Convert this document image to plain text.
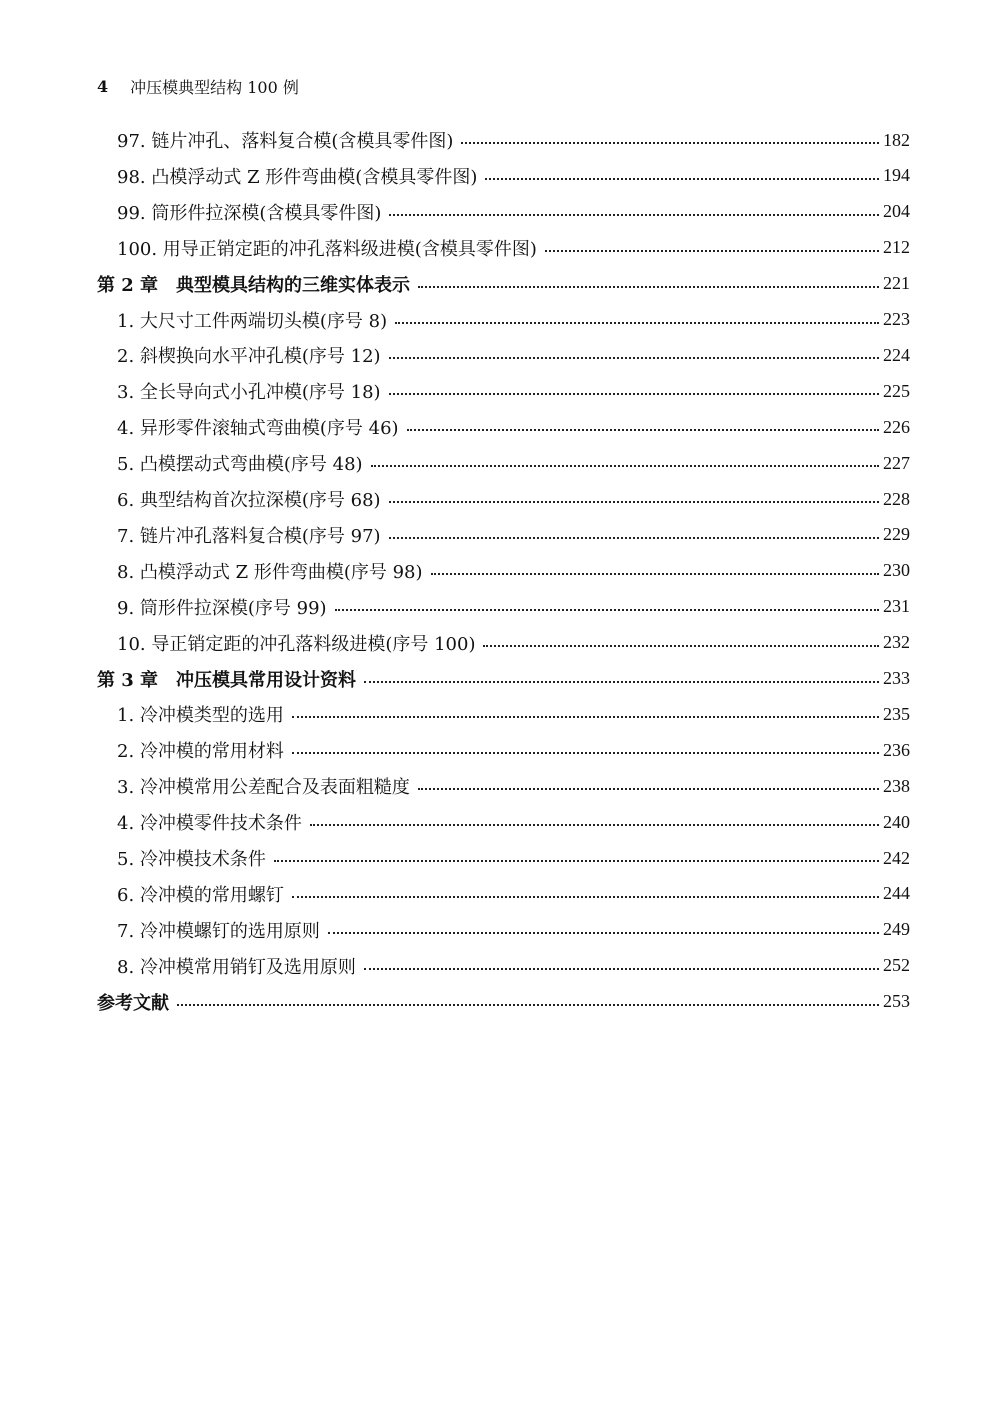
4 冲压模典型结构 100 例
97. 链片冲孔、落料复合模(含模具零件图)	182
98. 凸模浮动式 Z 形件弯曲模(含模具零件图)	194
99. 筒形件拉深模(含模具零件图)	204
100. 用导正销定距的冲孔落料级进模(含模具零件图)	212
第 2 章　典型模具结构的三维实体表示	221
1. 大尺寸工件两端切头模(序号 8)	223
2. 斜楔换向水平冲孔模(序号 12)	224
3. 全长导向式小孔冲模(序号 18)	225
4. 异形零件滚轴式弯曲模(序号 46)	226
5. 凸模摆动式弯曲模(序号 48)	227
6. 典型结构首次拉深模(序号 68)	228
7. 链片冲孔落料复合模(序号 97)	229
8. 凸模浮动式 Z 形件弯曲模(序号 98)	230
9. 筒形件拉深模(序号 99)	231
10. 导正销定距的冲孔落料级进模(序号 100)	232
第 3 章　冲压模具常用设计资料	233
1. 冷冲模类型的选用	235
2. 冷冲模的常用材料	236
3. 冷冲模常用公差配合及表面粗糙度	238
4. 冷冲模零件技术条件	240
5. 冷冲模技术条件	242
6. 冷冲模的常用螺钉	244
7. 冷冲模螺钉的选用原则	249
8. 冷冲模常用销钉及选用原则	252
参考文献	253
